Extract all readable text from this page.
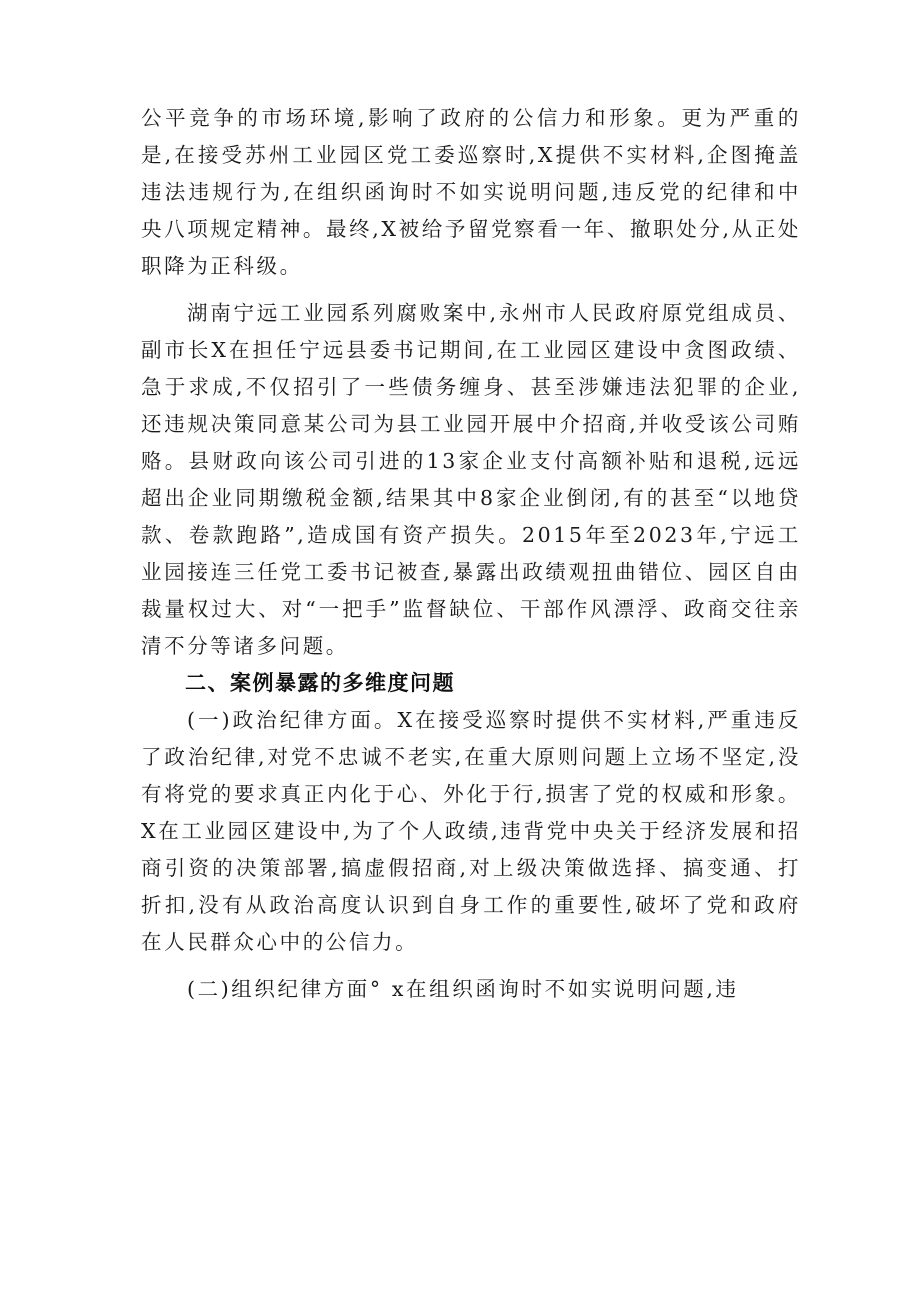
公平竞争的市场环境,影响了政府的公信力和形象。更为严重的是,在接受苏州工业园区党工委巡察时,X提供不实材料,企图掩盖违法违规行为,在组织函询时不如实说明问题,违反党的纪律和中央八项规定精神。最终,X被给予留党察看一年、撤职处分,从正处职降为正科级。

湖南宁远工业园系列腐败案中,永州市人民政府原党组成员、副市长X在担任宁远县委书记期间,在工业园区建设中贪图政绩、急于求成,不仅招引了一些债务缠身、甚至涉嫌违法犯罪的企业,还违规决策同意某公司为县工业园开展中介招商,并收受该公司贿赂。县财政向该公司引进的13家企业支付高额补贴和退税,远远超出企业同期缴税金额,结果其中8家企业倒闭,有的甚至“以地贷款、卷款跑路”,造成国有资产损失。2015年至2023年,宁远工业园接连三任党工委书记被查,暴露出政绩观扭曲错位、园区自由裁量权过大、对“一把手”监督缺位、干部作风漂浮、政商交往亲清不分等诸多问题。

二、案例暴露的多维度问题

(一)政治纪律方面。X在接受巡察时提供不实材料,严重违反了政治纪律,对党不忠诚不老实,在重大原则问题上立场不坚定,没有将党的要求真正内化于心、外化于行,损害了党的权威和形象。X在工业园区建设中,为了个人政绩,违背党中央关于经济发展和招商引资的决策部署,搞虚假招商,对上级决策做选择、搞变通、打折扣,没有从政治高度认识到自身工作的重要性,破坏了党和政府在人民群众心中的公信力。

(二)组织纪律方面° x在组织函询时不如实说明问题,违
